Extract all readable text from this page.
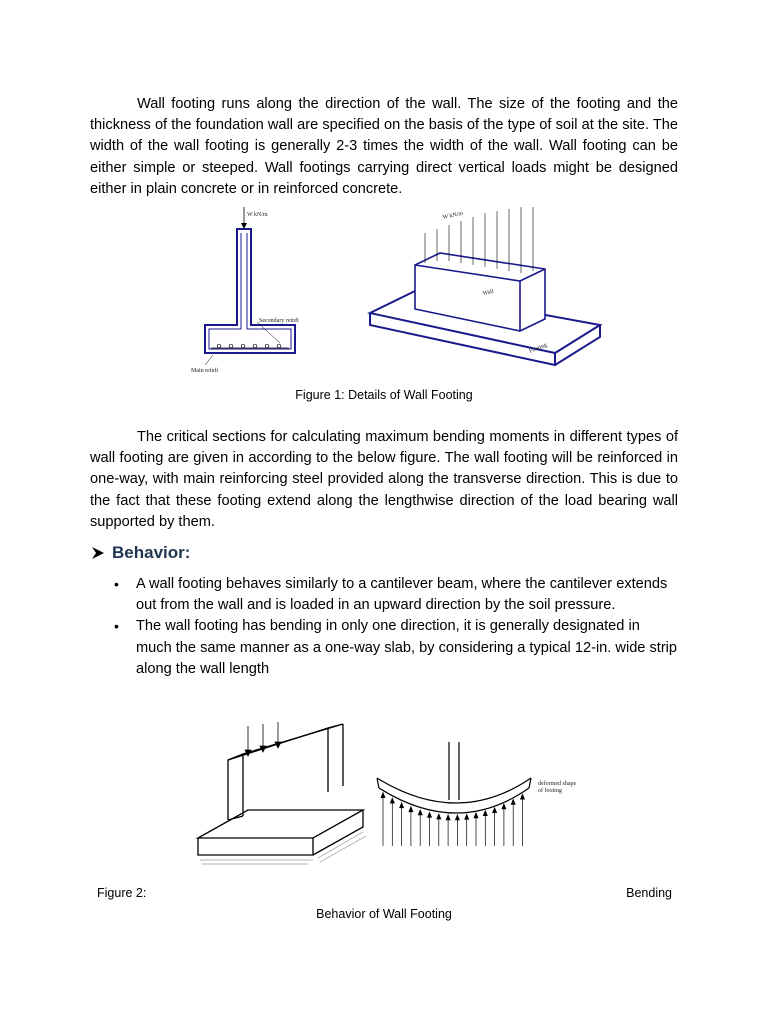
Wall footing runs along the direction of the wall. The size of the footing and the thickness of the foundation wall are specified on the basis of the type of soil at the site. The width of the wall footing is generally 2-3 times the width of the wall. Wall footing can be either simple or steeped. Wall footings carrying direct vertical loads might be designed either in plain concrete or in reinforced concrete.

W kN/m
Secondary reinft
Main reinft
W kN/m
Wall
Footing
Figure 1: Details of Wall Footing

The critical sections for calculating maximum bending moments in different types of wall footing are given in according to the below figure. The wall footing will be reinforced in one-way, with main reinforcing steel provided along the transverse direction. This is due to the fact that these footing extend along the lengthwise direction of the load bearing wall supported by them.

Behavior:
• A wall footing behaves similarly to a cantilever beam, where the cantilever extends out from the wall and is loaded in an upward direction by the soil pressure.
• The wall footing has bending in only one direction, it is generally designated in much the same manner as a one-way slab, by considering a typical 12-in. wide strip along the wall length
deformed shape
of footing
Figure 2:	Bending
Behavior of Wall Footing
